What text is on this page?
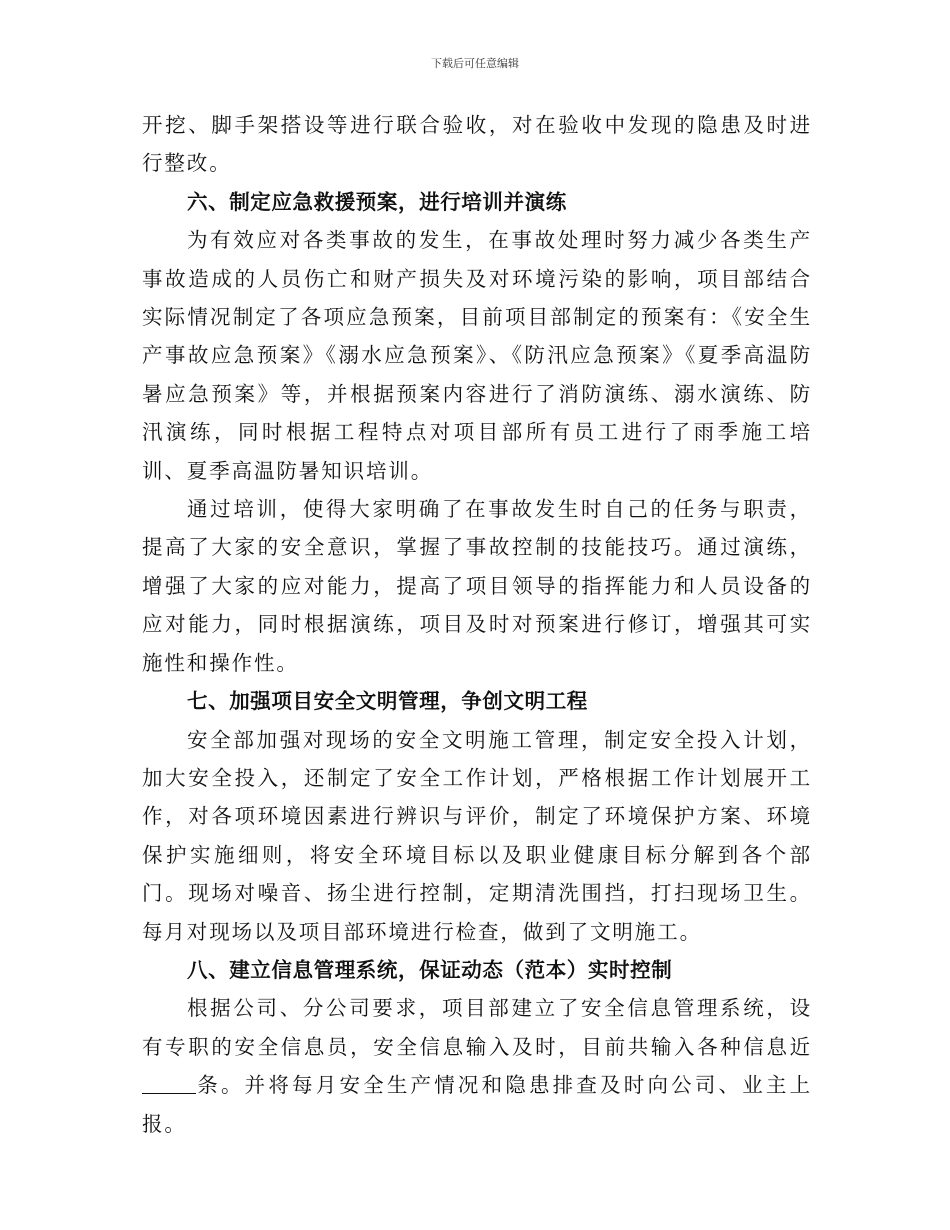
下载后可任意编辑

开挖、脚手架搭设等进行联合验收，对在验收中发现的隐患及时进行整改。

六、制定应急救援预案，进行培训并演练

为有效应对各类事故的发生，在事故处理时努力减少各类生产事故造成的人员伤亡和财产损失及对环境污染的影响，项目部结合实际情况制定了各项应急预案，目前项目部制定的预案有：《安全生产事故应急预案》《溺水应急预案》、《防汛应急预案》《夏季高温防暑应急预案》等，并根据预案内容进行了消防演练、溺水演练、防汛演练，同时根据工程特点对项目部所有员工进行了雨季施工培训、夏季高温防暑知识培训。

通过培训，使得大家明确了在事故发生时自己的任务与职责，提高了大家的安全意识，掌握了事故控制的技能技巧。通过演练，增强了大家的应对能力，提高了项目领导的指挥能力和人员设备的应对能力，同时根据演练，项目及时对预案进行修订，增强其可实施性和操作性。

七、加强项目安全文明管理，争创文明工程

安全部加强对现场的安全文明施工管理，制定安全投入计划，加大安全投入，还制定了安全工作计划，严格根据工作计划展开工作，对各项环境因素进行辨识与评价，制定了环境保护方案、环境保护实施细则，将安全环境目标以及职业健康目标分解到各个部门。现场对噪音、扬尘进行控制，定期清洗围挡，打扫现场卫生。每月对现场以及项目部环境进行检查，做到了文明施工。

八、建立信息管理系统，保证动态（范本）实时控制

根据公司、分公司要求，项目部建立了安全信息管理系统，设有专职的安全信息员，安全信息输入及时，目前共输入各种信息近条。并将每月安全生产情况和隐患排查及时向公司、业主上报。
